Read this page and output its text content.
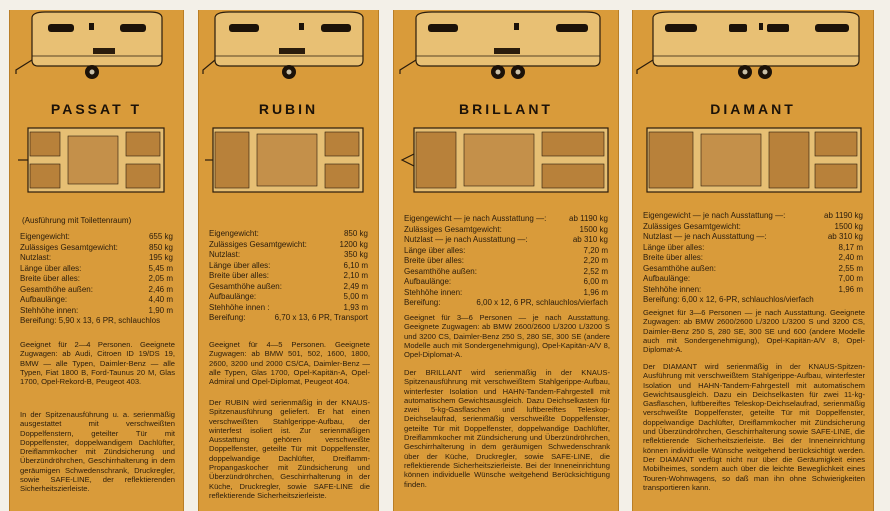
PASSAT T
(Ausführung mit Toilettenraum)
Eigengewicht:	655 kg
Zulässiges Gesamtgewicht:	850 kg
Nutzlast:	195 kg
Länge über alles:	5,45 m
Breite über alles:	2,05 m
Gesamthöhe außen:	2,46 m
Aufbaulänge:	4,40 m
Stehhöhe innen:	1,90 m
Bereifung: 5,90 x 13, 6 PR, schlauchlos
Geeignet für 2—4 Personen. Geeignete Zugwagen: ab Audi, Citroen ID 19/DS 19, BMW — alle Typen, Daimler-Benz — alle Typen, Fiat 1800 B, Ford-Taunus 20 M, Glas 1700, Opel-Rekord-B, Peugeot 403.
In der Spitzenausführung u. a. serienmäßig ausgestattet mit verschweißten Doppelfenstern, geteilter Tür mit Doppelfenster, doppelwandigem Dachlüfter, Dreiflammkocher mit Zündsicherung und Überzündröhrchen, Geschirrhalterung in dem geräumigen Schwedenschrank, Druckregler, sowie SAFE-LINE, der reflektierenden Sicherheitszierleiste.
RUBIN
Eigengewicht:	850 kg
Zulässiges Gesamtgewicht:	1200 kg
Nutzlast:	350 kg
Länge über alles:	6,10 m
Breite über alles:	2,10 m
Gesamthöhe außen:	2,49 m
Aufbaulänge:	5,00 m
Stehhöhe innen :	1,93 m
Bereifung:	6,70 x 13, 6 PR, Transport
Geeignet für 4—5 Personen. Geeignete Zugwagen: ab BMW 501, 502, 1600, 1800, 2600, 3200 und 2000 CS/CA, Daimler-Benz — alle Typen, Glas 1700, Opel-Kapitän-A, Opel-Admiral und Opel-Diplomat, Peugeot 404.
Der RUBIN wird serienmäßig in der KNAUS-Spitzenausführung geliefert. Er hat einen verschweißten Stahlgerippe-Aufbau, der winterfest isoliert ist. Zur serienmäßigen Ausstattung gehören verschweißte Doppelfenster, geteilte Tür mit Doppelfenster, doppelwandige Dachlüfter, Dreiflamm-Propangaskocher mit Zündsicherung und Überzündröhrchen, Geschirrhalterung in der Küche, Druckregler, sowie SAFE-LINE die reflektierende Sicherheitszierleiste.
BRILLANT
Eigengewicht — je nach Ausstattung —:	ab 1190 kg
Zulässiges Gesamtgewicht:	1500 kg
Nutzlast — je nach Ausstattung —:	ab 310 kg
Länge über alles:	7,20 m
Breite über alles:	2,20 m
Gesamthöhe außen:	2,52 m
Aufbaulänge:	6,00 m
Stehhöhe innen:	1,96 m
Bereifung:	6,00 x 12, 6 PR, schlauchlos/vierfach
Geeignet für 3—6 Personen — je nach Ausstattung. Geeignete Zugwagen: ab BMW 2600/2600 L/3200 L/3200 S und 3200 CS, Daimler-Benz 250 S, 280 SE, 300 SE (andere Modelle auch mit Sondergenehmigung), Opel-Kapitän-A/V 8, Opel-Diplomat-A.
Der BRILLANT wird serienmäßig in der KNAUS-Spitzenausführung mit verschweißtem Stahlgerippe-Aufbau, winterfester Isolation und HAHN-Tandem-Fahrgestell mit automatischem Gewichtsausgleich. Dazu Deichselkasten für zwei 5-kg-Gasflaschen und luftbereiftes Teleskop-Deichselaufrad, serienmäßig verschweißte Doppelfenster, geteilte Tür mit Doppelfenster, doppelwandige Dachlüfter, Dreiflammkocher mit Zündsicherung und Überzündröhrchen, Geschirrhalterung in dem geräumigen Schwedenschrank über der Küche, Druckregler, sowie SAFE-LINE, die reflektierende Sicherheitszierleiste. Bei der Inneneinrichtung können individuelle Wünsche weitgehend Berücksichtigung finden.
DIAMANT
Eigengewicht — je nach Ausstattung —:	ab 1190 kg
Zulässiges Gesamtgewicht:	1500 kg
Nutzlast — je nach Ausstattung —:	ab 310 kg
Länge über alles:	8,17 m
Breite über alles:	2,40 m
Gesamthöhe außen:	2,55 m
Aufbaulänge:	7,00 m
Stehhöhe innen:	1,96 m
Bereifung: 6,00 x 12, 6-PR, schlauchlos/vierfach
Geeignet für 3—6 Personen — je nach Ausstattung. Geeignete Zugwagen: ab BMW 2600/2600 L/3200 L/3200 S und 3200 CS, Daimler-Benz 250 S, 280 SE, 300 SE und 600 (andere Modelle auch mit Sondergenehmigung), Opel-Kapitän-A/V 8, Opel-Diplomat-A.
Der DIAMANT wird serienmäßig in der KNAUS-Spitzen-Ausführung mit verschweißtem Stahlgerippe-Aufbau, winterfester Isolation und HAHN-Tandem-Fahrgestell mit automatischem Gewichtsausgleich. Dazu ein Deichselkasten für zwei 11-kg-Gasflaschen, luftbereiftes Teleskop-Deichselaufrad, serienmäßig verschweißte Doppelfenster, geteilte Tür mit Doppelfenster, doppelwandige Dachlüfter, Dreiflammkocher mit Zündsicherung und Überzündröhrchen, Geschirrhalterung sowie SAFE-LINE, die reflektierende Sicherheitszierleiste. Bei der Inneneinrichtung können individuelle Wünsche weitgehend berücksichtigt werden. Der DIAMANT verfügt nicht nur über die Geräumigkeit eines Mobilheimes, sondern auch über die leichte Beweglichkeit eines Touren-Wohnwagens, so daß man ihn ohne Schwierigkeiten transportieren kann.
